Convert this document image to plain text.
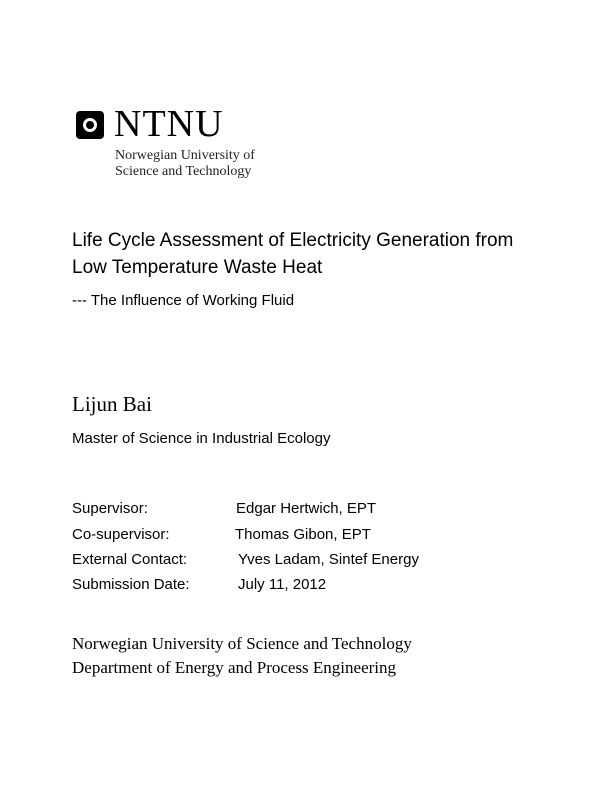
NTNU
Norwegian University of
Science and Technology
Life Cycle Assessment of Electricity Generation from
Low Temperature Waste Heat
--- The Influence of Working Fluid
Lijun Bai
Master of Science in Industrial Ecology
Supervisor:	Edgar Hertwich, EPT
Co-supervisor:	Thomas Gibon, EPT
External Contact:	Yves Ladam, Sintef Energy
Submission Date:	July 11, 2012
Norwegian University of Science and Technology
Department of Energy and Process Engineering
